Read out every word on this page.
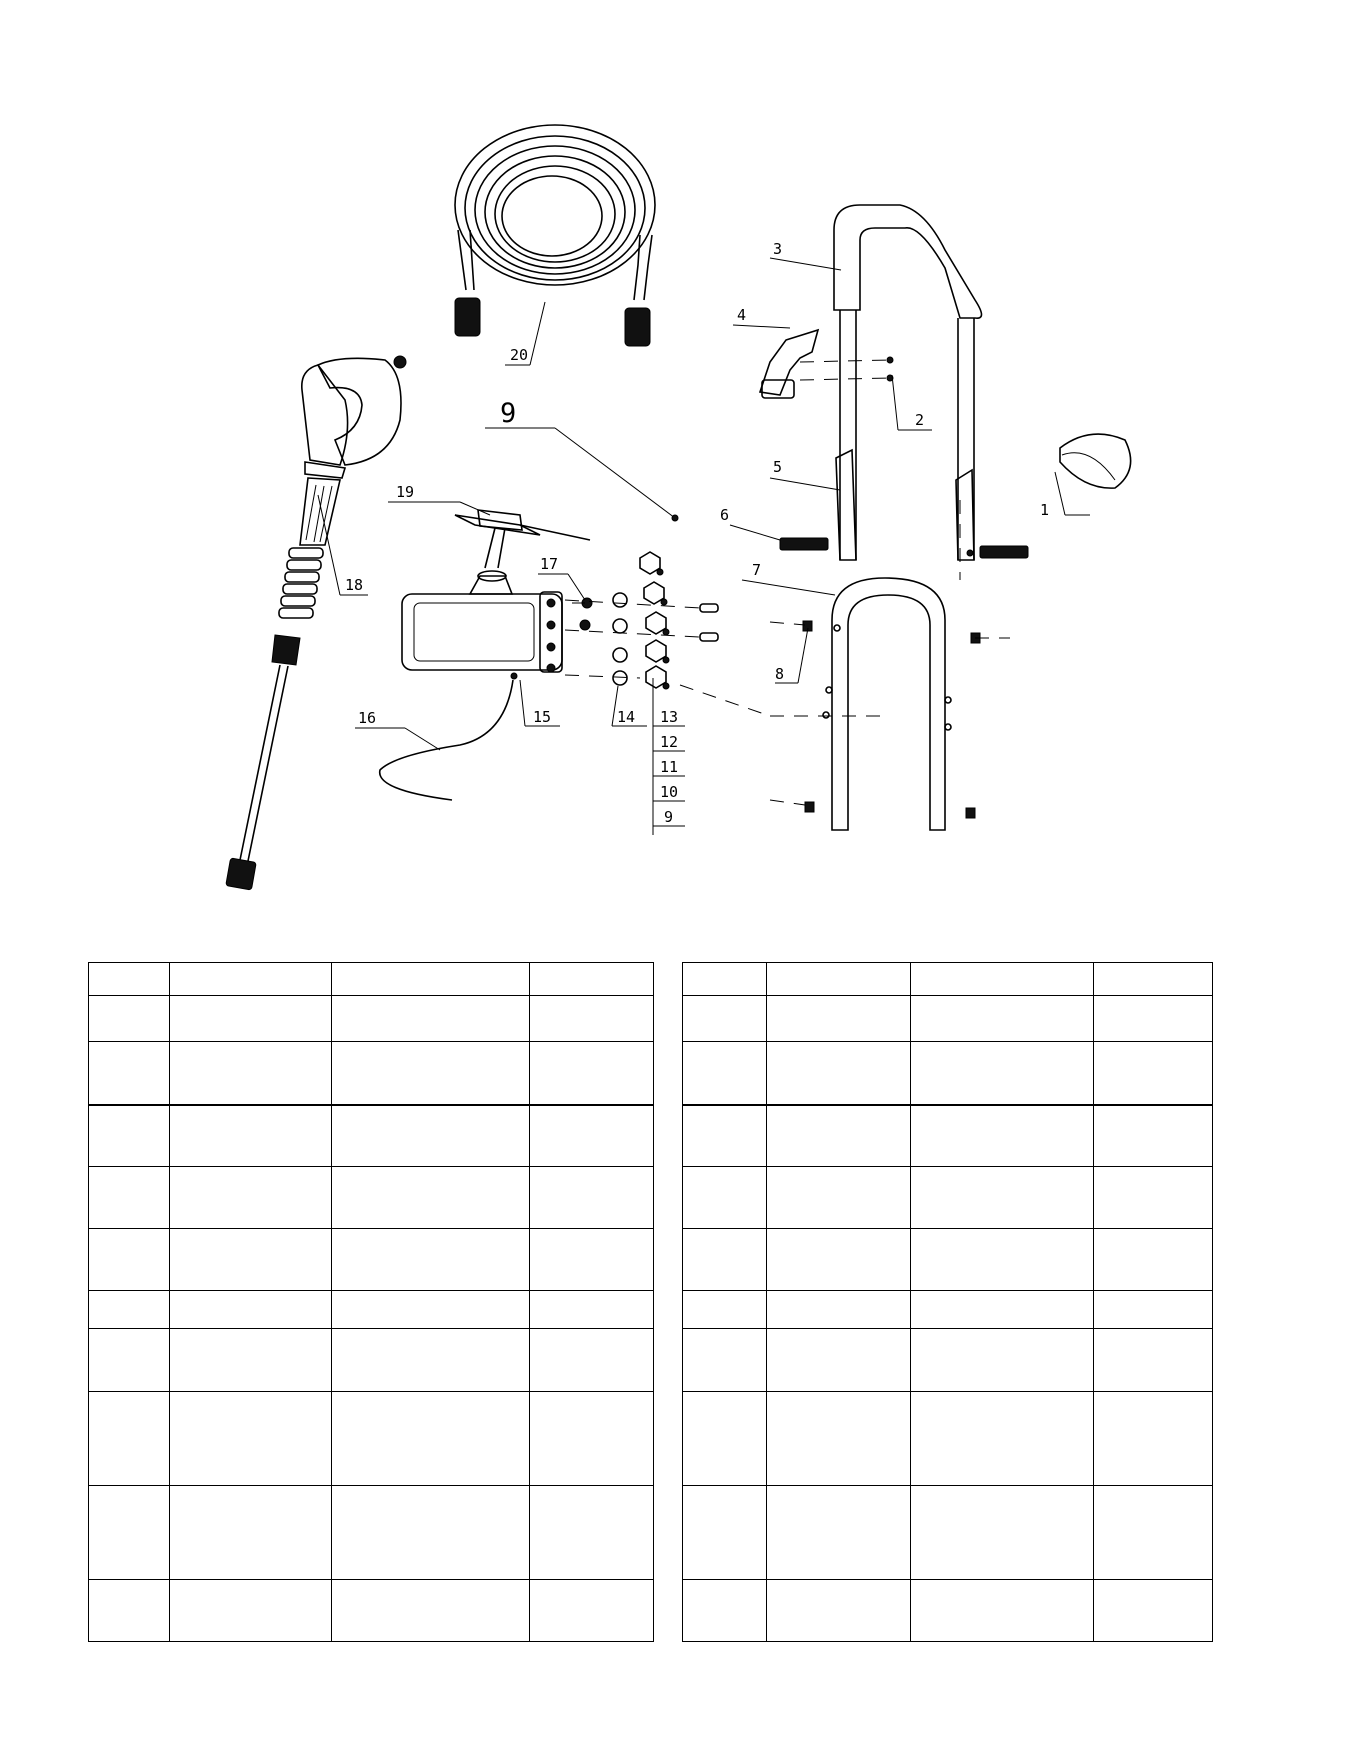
3
4
2
5
1
6
7
8
9
19
20
18
17
16	15	14 13
12
11
10
9
